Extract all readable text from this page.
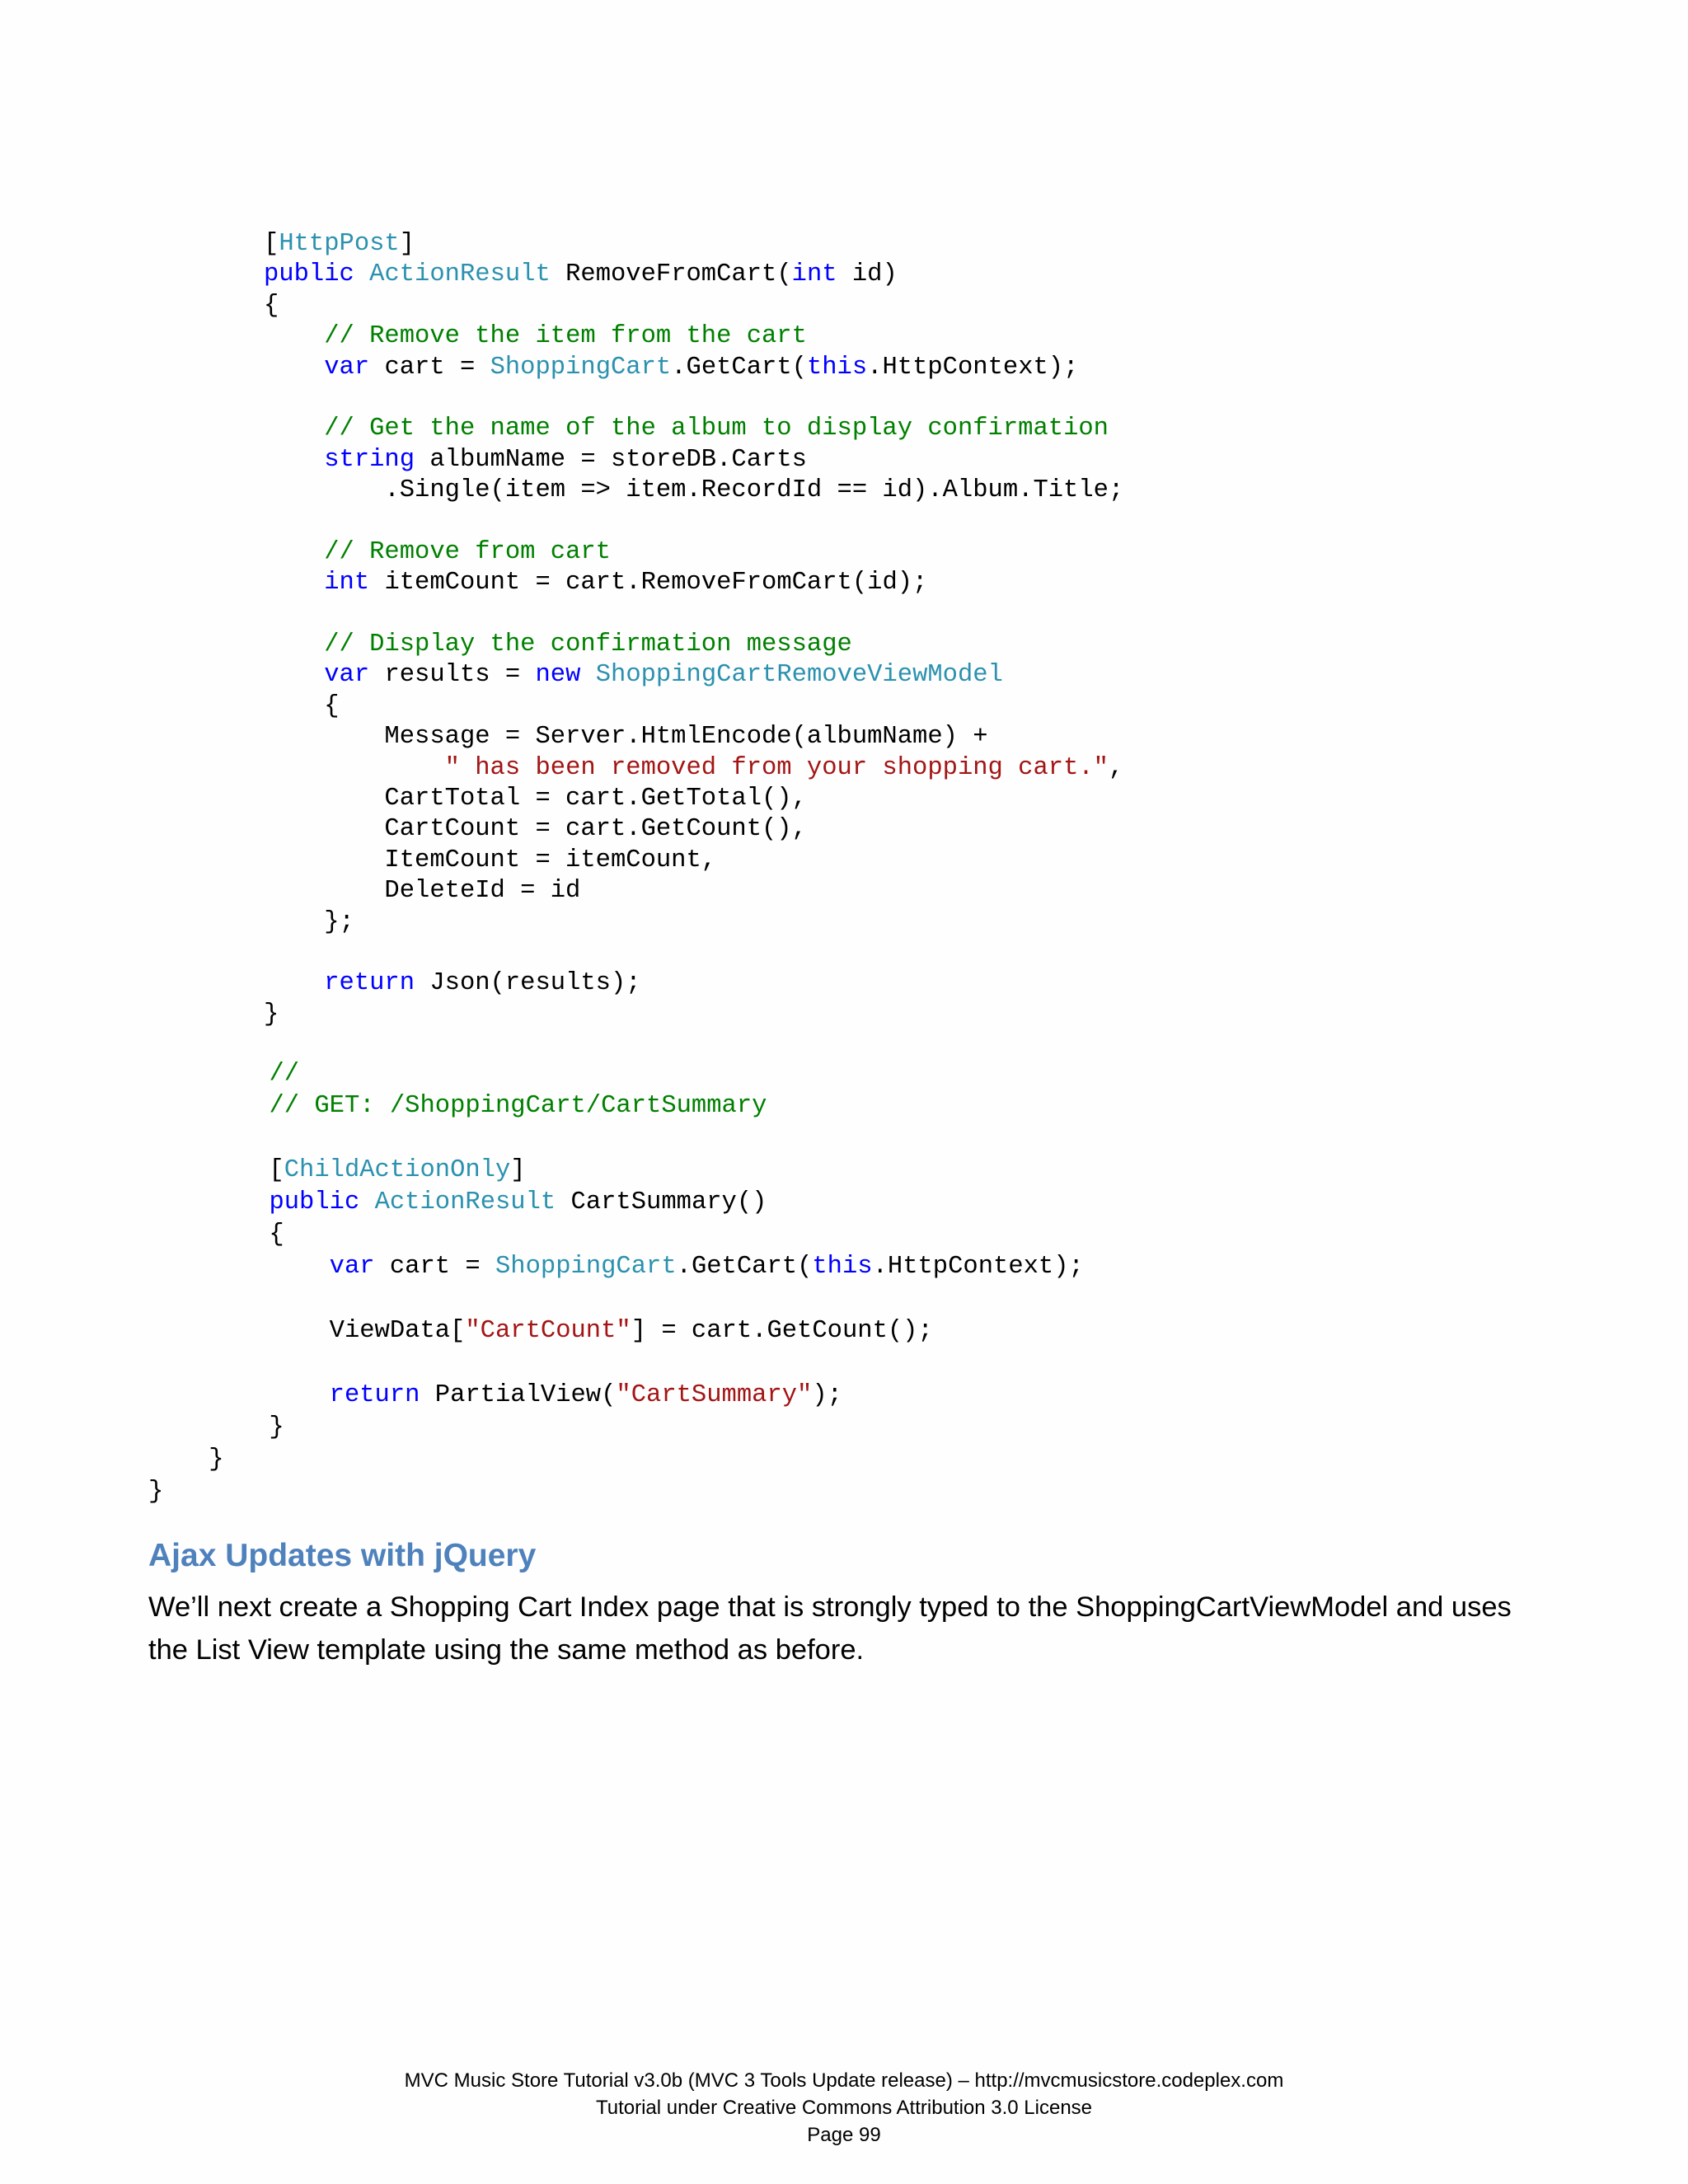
[HttpPost]
public ActionResult RemoveFromCart(int id)
{
// Remove the item from the cart
var cart = ShoppingCart.GetCart(this.HttpContext);

// Get the name of the album to display confirmation
string albumName = storeDB.Carts
.Single(item => item.RecordId == id).Album.Title;

// Remove from cart
int itemCount = cart.RemoveFromCart(id);

// Display the confirmation message
var results = new ShoppingCartRemoveViewModel
{
Message = Server.HtmlEncode(albumName) +
" has been removed from your shopping cart.",
CartTotal = cart.GetTotal(),
CartCount = cart.GetCount(),
ItemCount = itemCount,
DeleteId = id
};

return Json(results);
}
//
// GET: /ShoppingCart/CartSummary

[ChildActionOnly]
public ActionResult CartSummary()
{
var cart = ShoppingCart.GetCart(this.HttpContext);

ViewData["CartCount"] = cart.GetCount();

return PartialView("CartSummary");
}
}
}
Ajax Updates with jQuery

We’ll next create a Shopping Cart Index page that is strongly typed to the ShoppingCartViewModel and uses the List View template using the same method as before.

MVC Music Store Tutorial v3.0b (MVC 3 Tools Update release) – http://mvcmusicstore.codeplex.com
Tutorial under Creative Commons Attribution 3.0 License
Page 99
